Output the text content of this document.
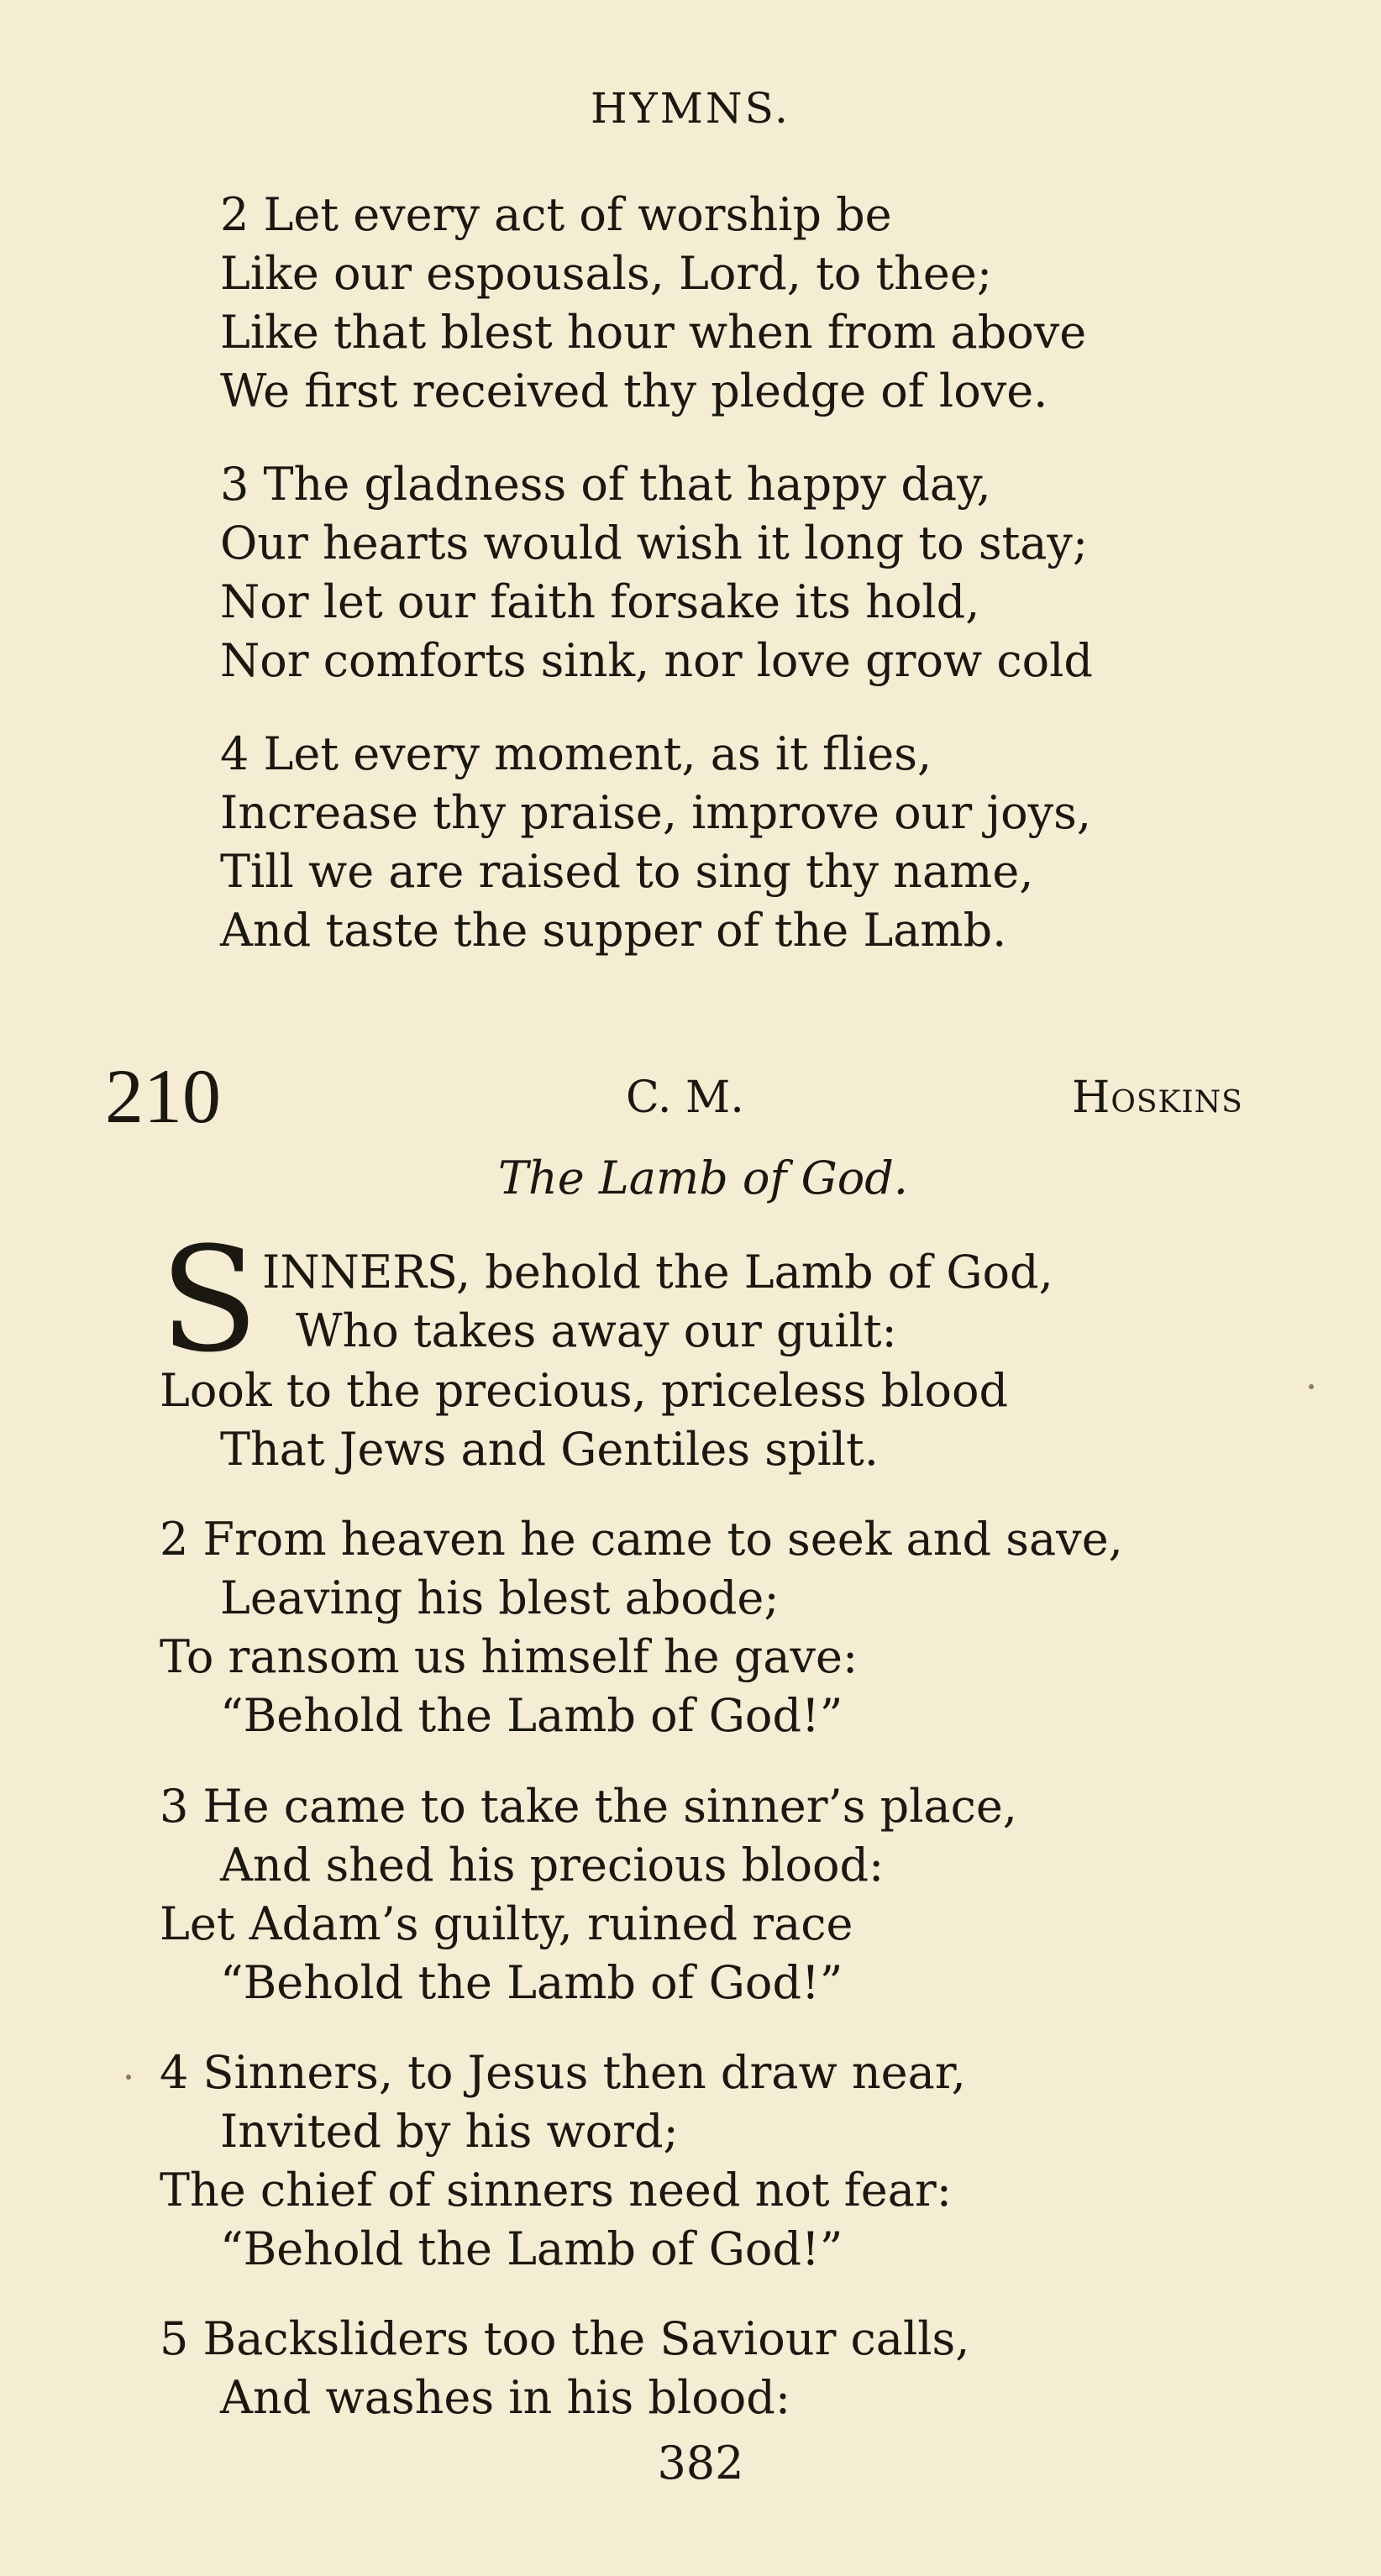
HYMNS.
2 Let every act of worship be
Like our espousals, Lord, to thee;
Like that blest hour when from above
We first received thy pledge of love.
3 The gladness of that happy day,
Our hearts would wish it long to stay;
Nor let our faith forsake its hold,
Nor comforts sink, nor love grow cold
4 Let every moment, as it flies,
Increase thy praise, improve our joys,
Till we are raised to sing thy name,
And taste the supper of the Lamb.
210	C. M.	Hoskins
The Lamb of God.
S INNERS, behold the Lamb of God,
Who takes away our guilt:
Look to the precious, priceless blood
That Jews and Gentiles spilt.
2 From heaven he came to seek and save,
Leaving his blest abode;
To ransom us himself he gave:
“Behold the Lamb of God!”
3 He came to take the sinner’s place,
And shed his precious blood:
Let Adam’s guilty, ruined race
“Behold the Lamb of God!”
4 Sinners, to Jesus then draw near,
Invited by his word;
The chief of sinners need not fear:
“Behold the Lamb of God!”
5 Backsliders too the Saviour calls,
And washes in his blood:
382
